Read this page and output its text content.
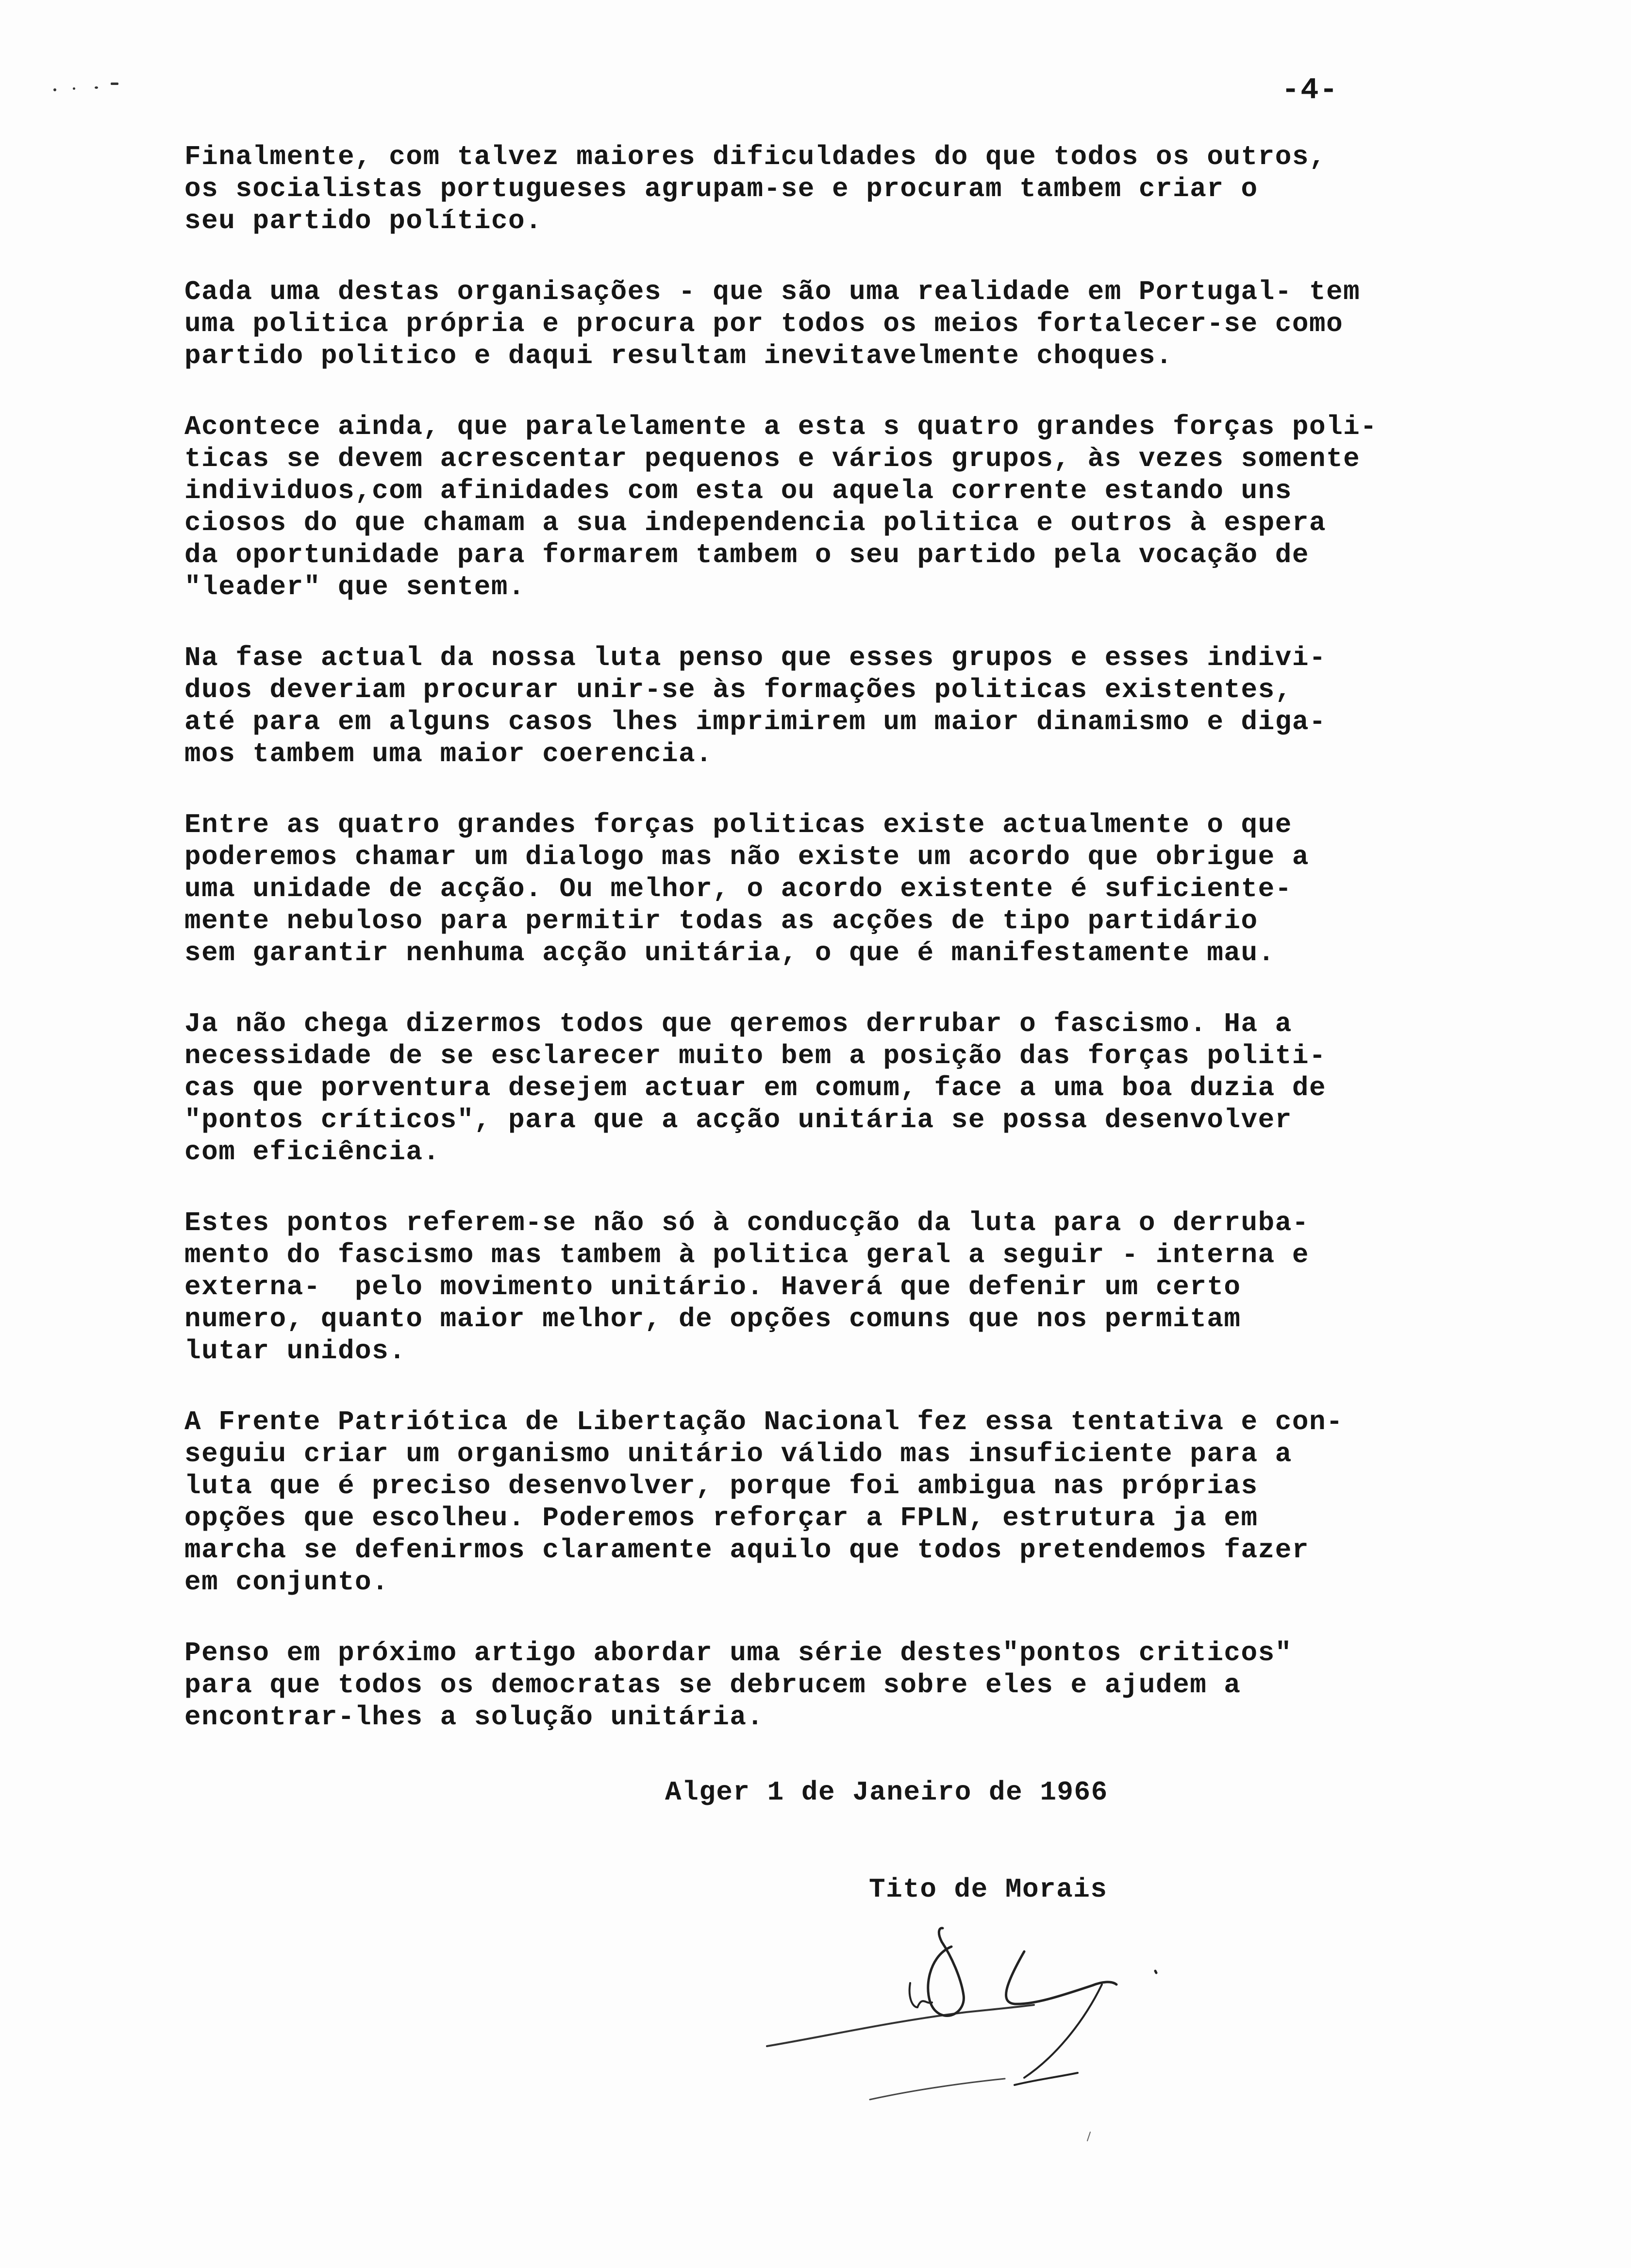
-4-
Finalmente, com talvez maiores dificuldades do que todos os outros,
os socialistas portugueses agrupam-se e procuram tambem criar o
seu partido político.
Cada uma destas organisações - que são uma realidade em Portugal- tem
uma politica própria e procura por todos os meios fortalecer-se como
partido politico e daqui resultam inevitavelmente choques.
Acontece ainda, que paralelamente a esta s quatro grandes forças poli-
ticas se devem acrescentar pequenos e vários grupos, às vezes somente
individuos,com afinidades com esta ou aquela corrente estando uns
ciosos do que chamam a sua independencia politica e outros à espera
da oportunidade para formarem tambem o seu partido pela vocação de
"leader" que sentem.
Na fase actual da nossa luta penso que esses grupos e esses indivi-
duos deveriam procurar unir-se às formações politicas existentes,
até para em alguns casos lhes imprimirem um maior dinamismo e diga-
mos tambem uma maior coerencia.
Entre as quatro grandes forças politicas existe actualmente o que
poderemos chamar um dialogo mas não existe um acordo que obrigue a
uma unidade de acção. Ou melhor, o acordo existente é suficiente-
mente nebuloso para permitir todas as acções de tipo partidário
sem garantir nenhuma acção unitária, o que é manifestamente mau.
Ja não chega dizermos todos que qeremos derrubar o fascismo. Ha a
necessidade de se esclarecer muito bem a posição das forças politi-
cas que porventura desejem actuar em comum, face a uma boa duzia de
"pontos críticos", para que a acção unitária se possa desenvolver
com eficiência.
Estes pontos referem-se não só à conducção da luta para o derruba-
mento do fascismo mas tambem à politica geral a seguir - interna e
externa-  pelo movimento unitário. Haverá que defenir um certo
numero, quanto maior melhor, de opções comuns que nos permitam
lutar unidos.
A Frente Patriótica de Libertação Nacional fez essa tentativa e con-
seguiu criar um organismo unitário válido mas insuficiente para a
luta que é preciso desenvolver, porque foi ambigua nas próprias
opções que escolheu. Poderemos reforçar a FPLN, estrutura ja em
marcha se defenirmos claramente aquilo que todos pretendemos fazer
em conjunto.
Penso em próximo artigo abordar uma série destes"pontos criticos"
para que todos os democratas se debrucem sobre eles e ajudem a
encontrar-lhes a solução unitária.
Alger 1 de Janeiro de 1966
Tito de Morais
